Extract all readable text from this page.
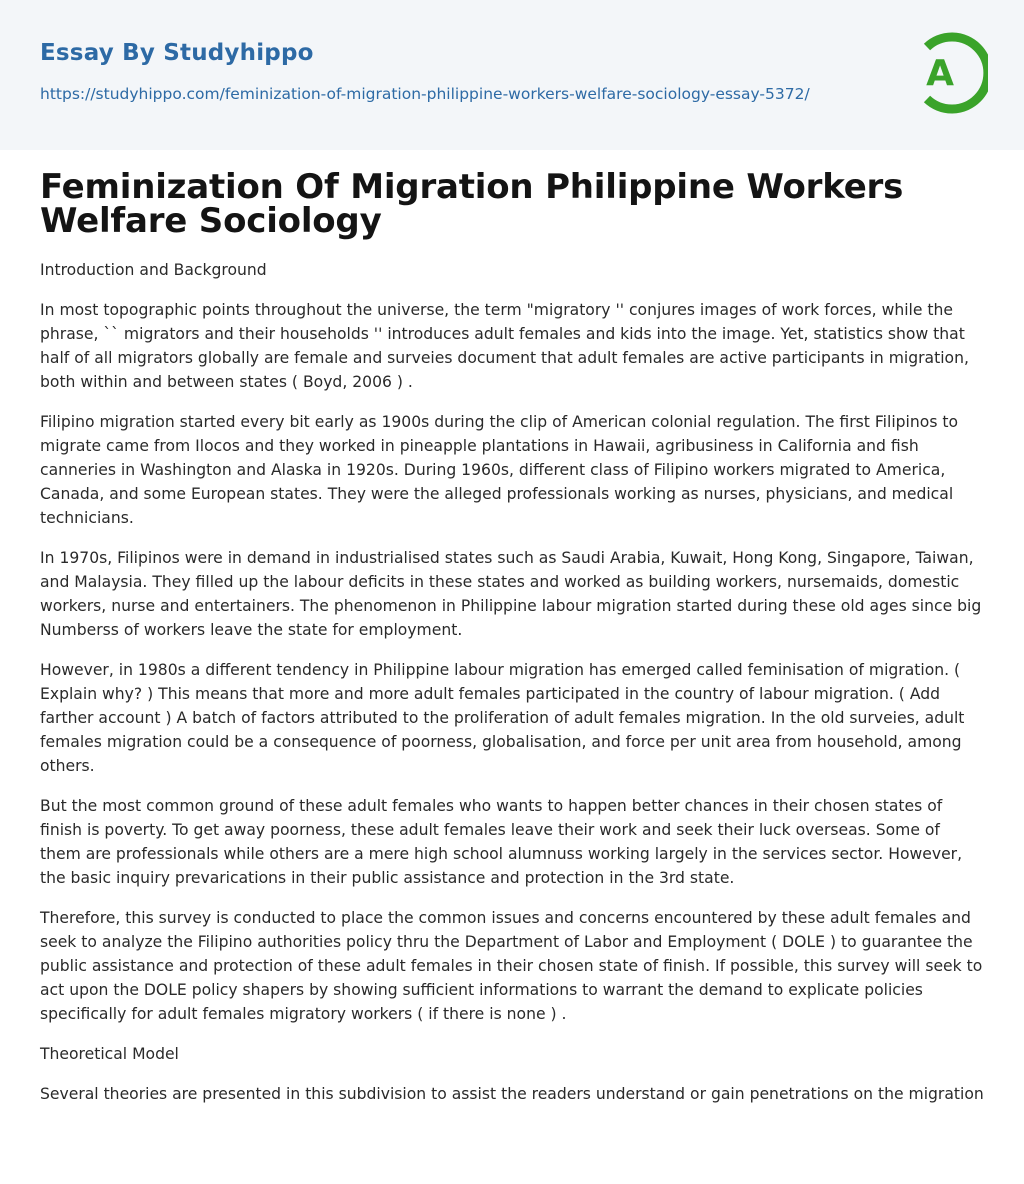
Essay By Studyhippo
https://studyhippo.com/feminization-of-migration-philippine-workers-welfare-sociology-essay-5372/	A
Feminization Of Migration Philippine Workers Welfare Sociology

Introduction and Background

In most topographic points throughout the universe, the term "migratory '' conjures images of work forces, while the phrase, `` migrators and their households '' introduces adult females and kids into the image. Yet, statistics show that half of all migrators globally are female and surveies document that adult females are active participants in migration, both within and between states ( Boyd, 2006 ) .

Filipino migration started every bit early as 1900s during the clip of American colonial regulation. The first Filipinos to migrate came from Ilocos and they worked in pineapple plantations in Hawaii, agribusiness in California and fish canneries in Washington and Alaska in 1920s. During 1960s, different class of Filipino workers migrated to America, Canada, and some European states. They were the alleged professionals working as nurses, physicians, and medical technicians.

In 1970s, Filipinos were in demand in industrialised states such as Saudi Arabia, Kuwait, Hong Kong, Singapore, Taiwan, and Malaysia. They filled up the labour deficits in these states and worked as building workers, nursemaids, domestic workers, nurse and entertainers. The phenomenon in Philippine labour migration started during these old ages since big Numberss of workers leave the state for employment.

However, in 1980s a different tendency in Philippine labour migration has emerged called feminisation of migration. ( Explain why? ) This means that more and more adult females participated in the country of labour migration. ( Add farther account ) A batch of factors attributed to the proliferation of adult females migration. In the old surveies, adult females migration could be a consequence of poorness, globalisation, and force per unit area from household, among others.

But the most common ground of these adult females who wants to happen better chances in their chosen states of finish is poverty. To get away poorness, these adult females leave their work and seek their luck overseas. Some of them are professionals while others are a mere high school alumnuss working largely in the services sector. However, the basic inquiry prevarications in their public assistance and protection in the 3rd state.

Therefore, this survey is conducted to place the common issues and concerns encountered by these adult females and seek to analyze the Filipino authorities policy thru the Department of Labor and Employment ( DOLE ) to guarantee the public assistance and protection of these adult females in their chosen state of finish. If possible, this survey will seek to act upon the DOLE policy shapers by showing sufficient informations to warrant the demand to explicate policies specifically for adult females migratory workers ( if there is none ) .

Theoretical Model

Several theories are presented in this subdivision to assist the readers understand or gain penetrations on the migration
